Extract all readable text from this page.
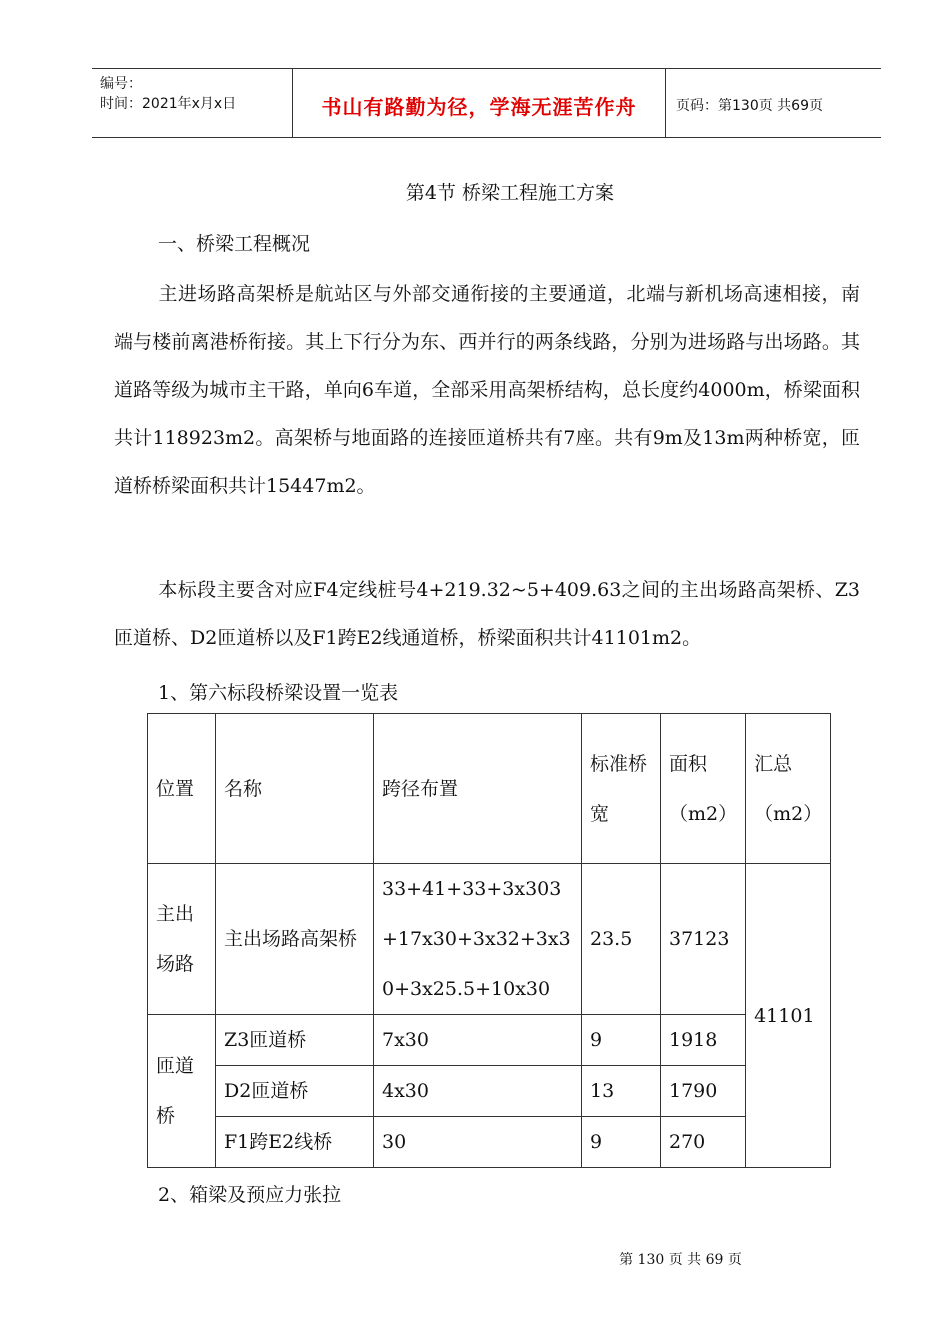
编号：
时间：2021年x月x日	书山有路勤为径，学海无涯苦作舟	页码：第130页 共69页
第4节 桥梁工程施工方案
一、桥梁工程概况

主进场路高架桥是航站区与外部交通衔接的主要通道，北端与新机场高速相接，南端与楼前离港桥衔接。其上下行分为东、西并行的两条线路，分别为进场路与出场路。其道路等级为城市主干路，单向6车道，全部采用高架桥结构，总长度约4000m，桥梁面积共计118923m2。高架桥与地面路的连接匝道桥共有7座。共有9m及13m两种桥宽，匝道桥桥梁面积共计15447m2。

本标段主要含对应F4定线桩号4+219.32~5+409.63之间的主出场路高架桥、Z3匝道桥、D2匝道桥以及F1跨E2线通道桥，桥梁面积共计41101m2。

1、第六标段桥梁设置一览表
位置	名称	跨径布置	标准桥宽	面积（m2）	汇总（m2）
主出场路	主出场路高架桥	33+41+33+3x303+17x30+3x32+3x30+3x25.5+10x30	23.5	37123	41101
匝道桥	Z3匝道桥	7x30	9	1918	
	D2匝道桥	4x30	13	1790	
	F1跨E2线桥	30	9	270	
2、箱梁及预应力张拉
第 130 页 共 69 页
